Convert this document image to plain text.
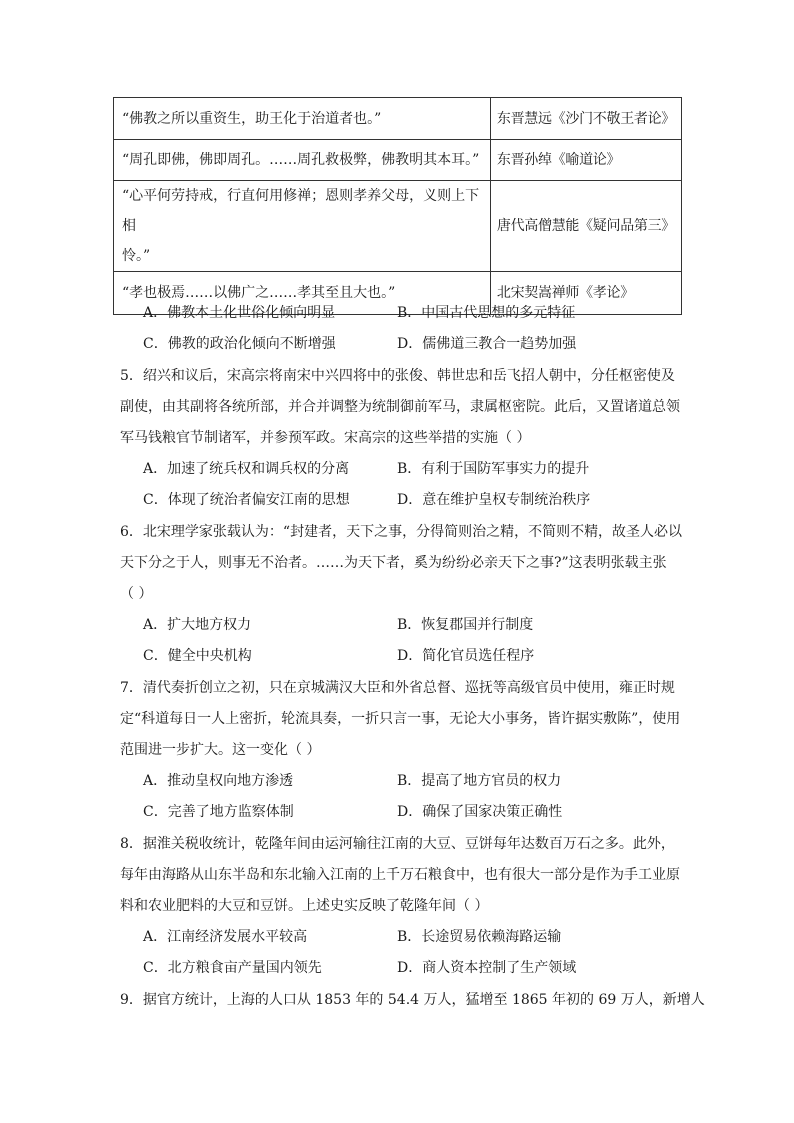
“佛教之所以重资生，助王化于治道者也。”	东晋慧远《沙门不敬王者论》
“周孔即佛，佛即周孔。……周孔救极弊，佛教明其本耳。”	东晋孙绰《喻道论》

“心平何劳持戒，行直何用修禅；恩则孝养父母，义则上下相
怜。”	唐代高僧慧能《疑问品第三》
“孝也极焉……以佛广之……孝其至且大也。”	北宋契嵩禅师《孝论》
A．佛教本土化世俗化倾向明显	B．中国古代思想的多元特征
C．佛教的政治化倾向不断增强	D．儒佛道三教合一趋势加强
5．绍兴和议后，宋高宗将南宋中兴四将中的张俊、韩世忠和岳飞招人朝中，分任枢密使及
副使，由其副将各统所部，并合并调整为统制御前军马，隶属枢密院。此后，又置诸道总领
军马钱粮官节制诸军，并参预军政。宋高宗的这些举措的实施（ ）
A．加速了统兵权和调兵权的分离	B．有利于国防军事实力的提升
C．体现了统治者偏安江南的思想	D．意在维护皇权专制统治秩序
6．北宋理学家张载认为：“封建者，天下之事，分得简则治之精，不简则不精，故圣人必以
天下分之于人，则事无不治者。……为天下者，奚为纷纷必亲天下之事?”这表明张载主张
（ ）
A．扩大地方权力	B．恢复郡国并行制度
C．健全中央机构	D．简化官员选任程序
7．清代奏折创立之初，只在京城满汉大臣和外省总督、巡抚等高级官员中使用，雍正时规
定“科道每日一人上密折，轮流具奏，一折只言一事，无论大小事务，皆许据实敷陈”，使用
范围进一步扩大。这一变化（ ）
A．推动皇权向地方渗透	B．提高了地方官员的权力
C．完善了地方监察体制	D．确保了国家决策正确性
8．据淮关税收统计，乾隆年间由运河输往江南的大豆、豆饼每年达数百万石之多。此外，
每年由海路从山东半岛和东北输入江南的上千万石粮食中，也有很大一部分是作为手工业原
料和农业肥料的大豆和豆饼。上述史实反映了乾隆年间（ ）
A．江南经济发展水平较高	B．长途贸易依赖海路运输
C．北方粮食亩产量国内领先	D．商人资本控制了生产领域
9．据官方统计，上海的人口从 1853 年的 54.4 万人，猛增至 1865 年初的 69 万人，新增人
